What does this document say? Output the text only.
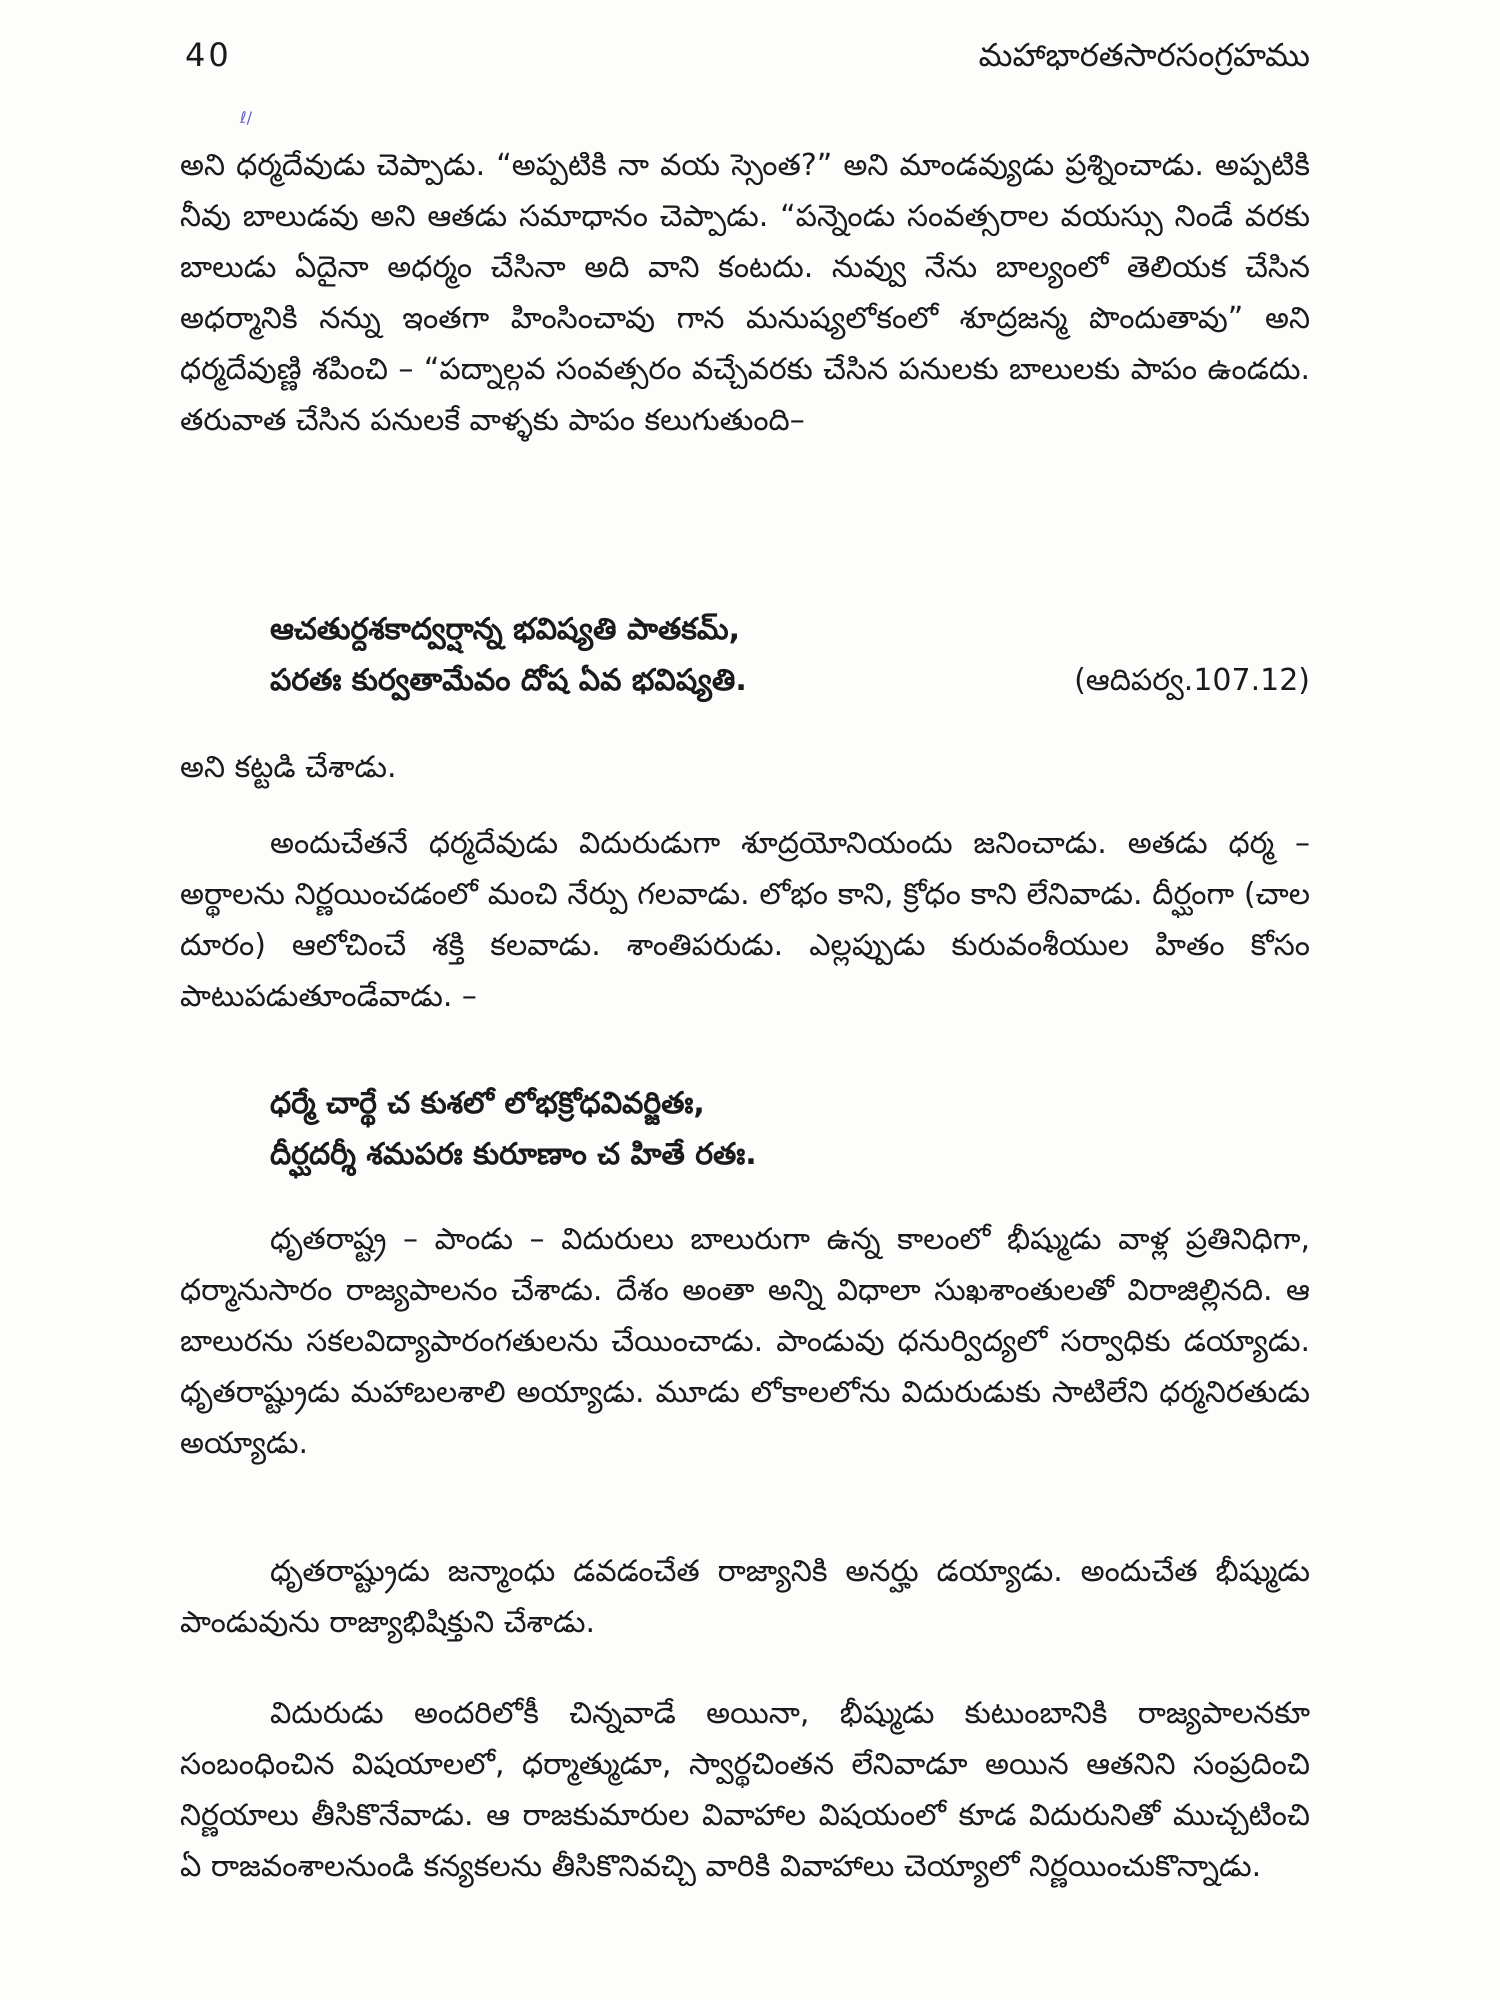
40	మహాభారతసారసంగ్రహము
ℓ/

అని ధర్మదేవుడు చెప్పాడు. “అప్పటికి నా వయ స్సెంత?” అని మాండవ్యుడు ప్రశ్నించాడు. అప్పటికి నీవు బాలుడవు అని ఆతడు సమాధానం చెప్పాడు. “పన్నెండు సంవత్సరాల వయస్సు నిండే వరకు బాలుడు ఏదైనా అధర్మం చేసినా అది వాని కంటదు. నువ్వు నేను బాల్యంలో తెలియక చేసిన అధర్మానికి నన్ను ఇంతగా హింసించావు గాన మనుష్యలోకంలో శూద్రజన్మ పొందుతావు” అని ధర్మదేవుణ్ణి శపించి – “పద్నాల్గవ సంవత్సరం వచ్చేవరకు చేసిన పనులకు బాలులకు పాపం ఉండదు. తరువాత చేసిన పనులకే వాళ్ళకు పాపం కలుగుతుంది–

ఆచతుర్దశకాద్వర్షాన్న భవిష్యతి పాతకమ్,
పరతః కుర్వతామేవం దోష ఏవ భవిష్యతి.	(ఆదిపర్వ.107.12)

అని కట్టడి చేశాడు.

అందుచేతనే ధర్మదేవుడు విదురుడుగా శూద్రయోనియందు జనించాడు. అతడు ధర్మ – అర్థాలను నిర్ణయించడంలో మంచి నేర్పు గలవాడు. లోభం కాని, క్రోధం కాని లేనివాడు. దీర్ఘంగా (చాల దూరం) ఆలోచించే శక్తి కలవాడు. శాంతిపరుడు. ఎల్లప్పుడు కురువంశీయుల హితం కోసం పాటుపడుతూండేవాడు. –

ధర్మే చార్థే చ కుశలో లోభక్రోధవివర్జితః,
దీర్ఘదర్శీ శమపరః కురూణాం చ హితే రతః.

ధృతరాష్ట్ర – పాండు – విదురులు బాలురుగా ఉన్న కాలంలో భీష్ముడు వాళ్ల ప్రతినిధిగా, ధర్మానుసారం రాజ్యపాలనం చేశాడు. దేశం అంతా అన్ని విధాలా సుఖశాంతులతో విరాజిల్లినది. ఆ బాలురను సకలవిద్యాపారంగతులను చేయించాడు. పాండువు ధనుర్విద్యలో సర్వాధికు డయ్యాడు. ధృతరాష్ట్రుడు మహాబలశాలి అయ్యాడు. మూడు లోకాలలోను విదురుడుకు సాటిలేని ధర్మనిరతుడు అయ్యాడు.

ధృతరాష్ట్రుడు జన్మాంధు డవడంచేత రాజ్యానికి అనర్హు డయ్యాడు. అందుచేత భీష్ముడు పాండువును రాజ్యాభిషిక్తుని చేశాడు.

విదురుడు అందరిలోకీ చిన్నవాడే అయినా, భీష్ముడు కుటుంబానికి రాజ్యపాలనకూ సంబంధించిన విషయాలలో, ధర్మాత్ముడూ, స్వార్థచింతన లేనివాడూ అయిన ఆతనిని సంప్రదించి నిర్ణయాలు తీసికొనేవాడు. ఆ రాజకుమారుల వివాహాల విషయంలో కూడ విదురునితో ముచ్చటించి ఏ రాజవంశాలనుండి కన్యకలను తీసికొనివచ్చి వారికి వివాహాలు చెయ్యాలో నిర్ణయించుకొన్నాడు.
